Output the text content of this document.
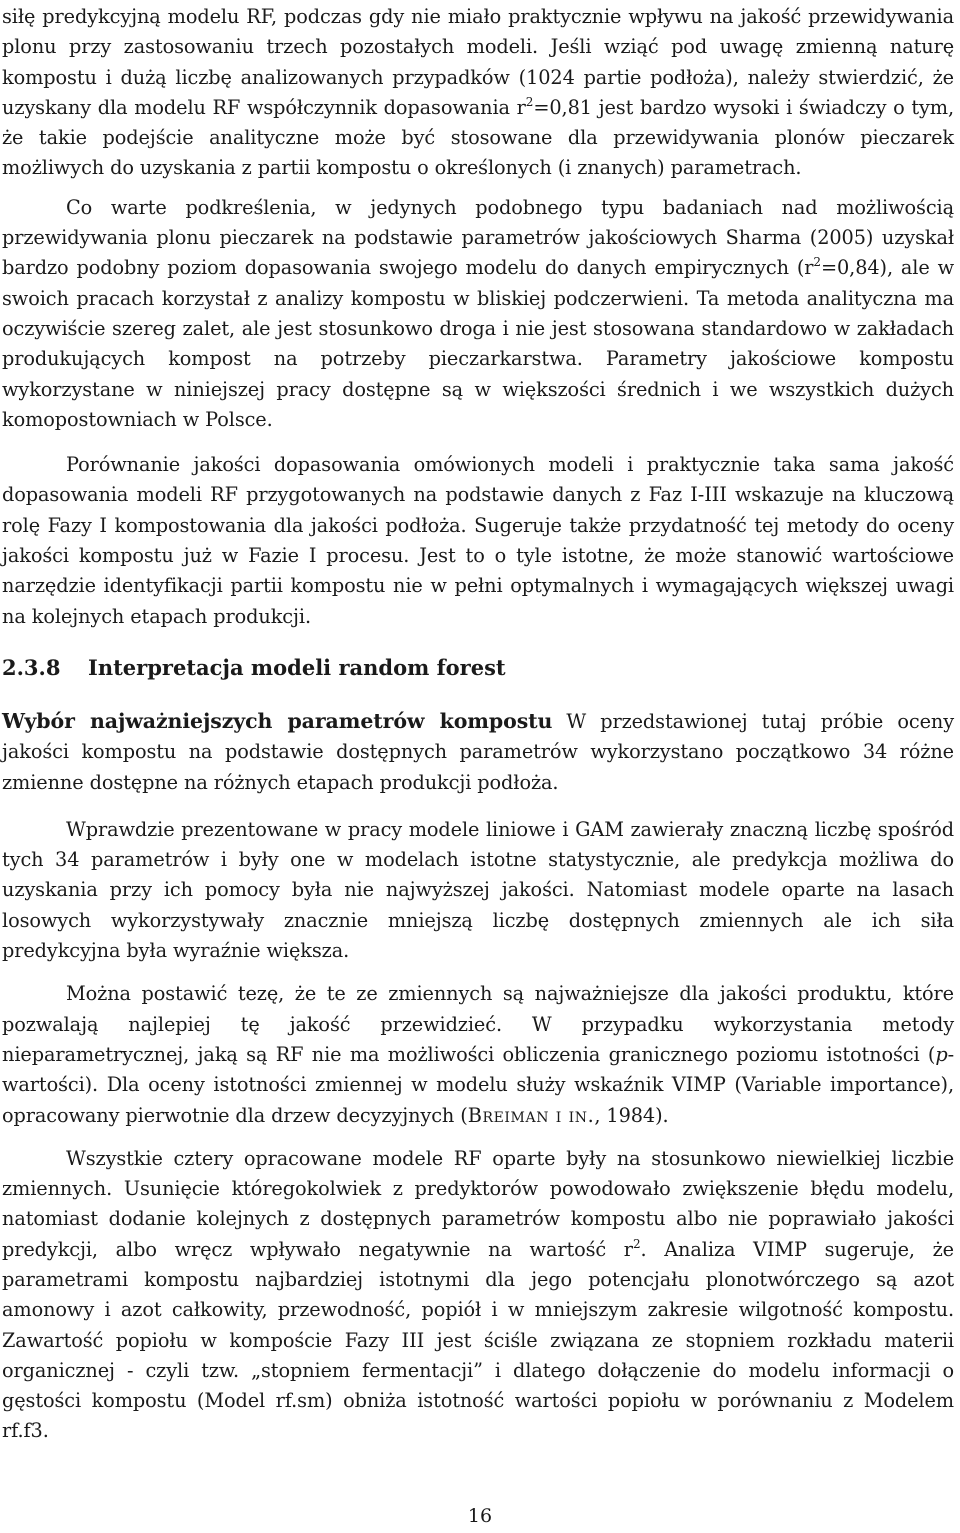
siłę predykcyjną modelu RF, podczas gdy nie miało praktycznie wpływu na jakość przewidywania plonu przy zastosowaniu trzech pozostałych modeli. Jeśli wziąć pod uwagę zmienną naturę kompostu i dużą liczbę analizowanych przypadków (1024 partie podłoża), należy stwierdzić, że uzyskany dla modelu RF współczynnik dopasowania $r^2=0,81$ jest bardzo wysoki i świadczy o tym, że takie podejście analityczne może być stosowane dla przewidywania plonów pieczarek możliwych do uzyskania z partii kompostu o określonych (i znanych) parametrach.

Co warte podkreślenia, w jedynych podobnego typu badaniach nad możliwością przewidywania plonu pieczarek na podstawie parametrów jakościowych Sharma (2005) uzyskał bardzo podobny poziom dopasowania swojego modelu do danych empirycznych $(r^2=0,84)$, ale w swoich pracach korzystał z analizy kompostu w bliskiej podczerwieni. Ta metoda analityczna ma oczywiście szereg zalet, ale jest stosunkowo droga i nie jest stosowana standardowo w zakładach produkujących kompost na potrzeby pieczarkarstwa. Parametry jakościowe kompostu wykorzystane w niniejszej pracy dostępne są w większości średnich i we wszystkich dużych komopostowniach w Polsce.

Porównanie jakości dopasowania omówionych modeli i praktycznie taka sama jakość dopasowania modeli RF przygotowanych na podstawie danych z Faz I-III wskazuje na kluczową rolę Fazy I kompostowania dla jakości podłoża. Sugeruje także przydatność tej metody do oceny jakości kompostu już w Fazie I procesu. Jest to o tyle istotne, że może stanowić wartościowe narzędzie identyfikacji partii kompostu nie w pełni optymalnych i wymagających większej uwagi na kolejnych etapach produkcji.

2.3.8	Interpretacja modeli random forest

Wybór najważniejszych parametrów kompostu W przedstawionej tutaj próbie oceny jakości kompostu na podstawie dostępnych parametrów wykorzystano początkowo 34 różne zmienne dostępne na różnych etapach produkcji podłoża.

Wprawdzie prezentowane w pracy modele liniowe i GAM zawierały znaczną liczbę spośród tych 34 parametrów i były one w modelach istotne statystycznie, ale predykcja możliwa do uzyskania przy ich pomocy była nie najwyższej jakości. Natomiast modele oparte na lasach losowych wykorzystywały znacznie mniejszą liczbę dostępnych zmiennych ale ich siła predykcyjna była wyraźnie większa.

Można postawić tezę, że te ze zmiennych są najważniejsze dla jakości produktu, które pozwalają najlepiej tę jakość przewidzieć. W przypadku wykorzystania metody nieparametrycznej, jaką są RF nie ma możliwości obliczenia granicznego poziomu istotności (p-wartości). Dla oceny istotności zmiennej w modelu służy wskaźnik VIMP (Variable importance), opracowany pierwotnie dla drzew decyzyjnych (Breiman i in., 1984).

Wszystkie cztery opracowane modele RF oparte były na stosunkowo niewielkiej liczbie zmiennych. Usunięcie któregokolwiek z predyktorów powodowało zwiększenie błędu modelu, natomiast dodanie kolejnych z dostępnych parametrów kompostu albo nie poprawiało jakości predykcji, albo wręcz wpływało negatywnie na wartość $r^2$. Analiza VIMP sugeruje, że parametrami kompostu najbardziej istotnymi dla jego potencjału plonotwórczego są azot amonowy i azot całkowity, przewodność, popiół i w mniejszym zakresie wilgotność kompostu. Zawartość popiołu w kompoście Fazy III jest ściśle związana ze stopniem rozkładu materii organicznej - czyli tzw. „stopniem fermentacji” i dlatego dołączenie do modelu informacji o gęstości kompostu (Model rf.sm) obniża istotność wartości popiołu w porównaniu z Modelem rf.f3.

16
